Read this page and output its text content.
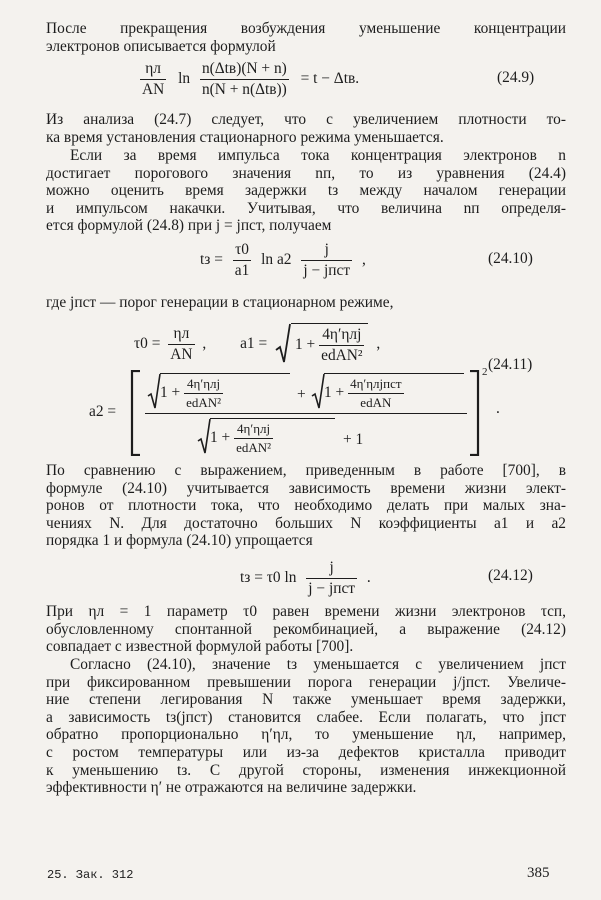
После прекращения возбуждения уменьшение концентрации
электронов описывается формулой

$\frac{\eta л}{AN}$ $\ln \frac{\text{n(Δtв)(N + n)}}{\text{n(N + n(Δtв))}} = t - \Delta tв$.	(24.9)

Из анализа (24.7) следует, что с увеличением плотности то-
ка время установления стационарного режима уменьшается.

Если за время импульса тока концентрация электронов n
достигает порогового значения nп, то из уравнения (24.4)
можно оценить время задержки tз между началом генерации
и импульсом накачки. Учитывая, что величина nп определя-
ется формулой (24.8) при j = jпст, получаем

tз = $\frac{\tau 0}{a1}$ $\ln a2 \frac{j}{\text{j − jпст}}$ ,	(24.10)

где jпст — порог генерации в стационарном режиме,

$\tau 0 = \frac{\eta л}{AN}$ , $a1 = 1 + \frac{\text{4η′ηлj}}{\text{edAN²}}$ ,
(24.11)
a2 =
$1 + \frac{\text{4η′ηлj}}{\text{edAN²}}$	+ $1 + \frac{\text{4η′ηлjпст}}{\text{edAN}}$
$1 + \frac{\text{4η′ηлj}}{\text{edAN²}}$	+ 1
2
.

По сравнению с выражением, приведенным в работе [700], в
формуле (24.10) учитывается зависимость времени жизни элект-
ронов от плотности тока, что необходимо делать при малых зна-
чениях N. Для достаточно больших N коэффициенты a1 и a2
порядка 1 и формула (24.10) упрощается

tз = τ0 $\ln \frac{j}{\text{j − jпст}}$ .	(24.12)

При ηл = 1 параметр τ0 равен времени жизни электронов τсп,
обусловленному спонтанной рекомбинацией, а выражение (24.12)
совпадает с известной формулой работы [700].

Согласно (24.10), значение tз уменьшается с увеличением jпст
при фиксированном превышении порога генерации j/jпст. Увеличе-
ние степени легирования N также уменьшает время задержки,
а зависимость tз(jпст) становится слабее. Если полагать, что jпст
обратно пропорционально η′ηл, то уменьшение ηл, например,
с ростом температуры или из-за дефектов кристалла приводит
к уменьшению tз. С другой стороны, изменения инжекционной
эффективности η′ не отражаются на величине задержки.

25. Зак. 312	385
